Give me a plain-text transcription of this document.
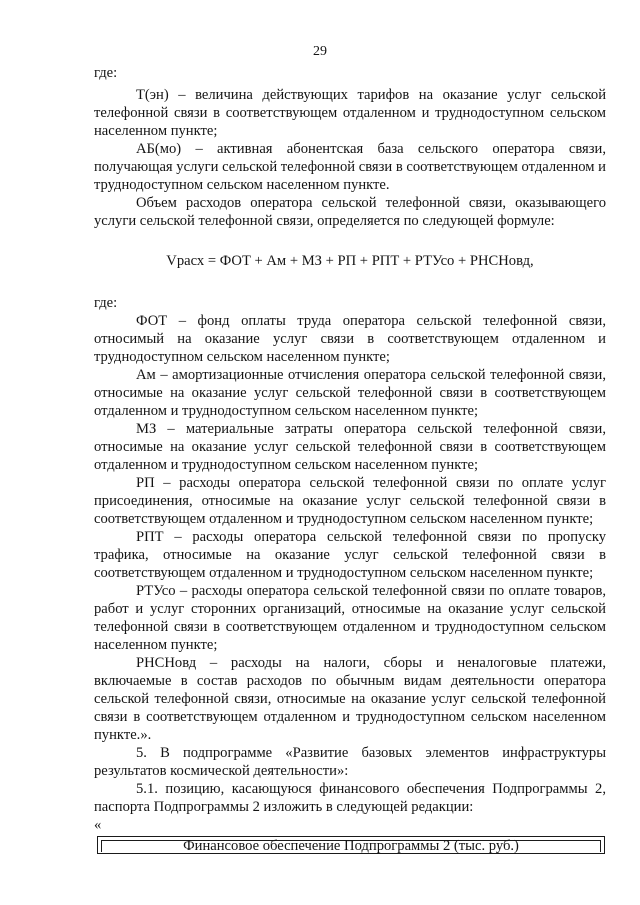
29

где:

Т(эн) – величина действующих тарифов на оказание услуг сельской телефонной связи в соответствующем отдаленном и труднодоступном сельском населенном пункте;

АБ(мо) – активная абонентская база сельского оператора связи, получающая услуги сельской телефонной связи в соответствующем отдаленном и труднодоступном сельском населенном пункте.

Объем расходов оператора сельской телефонной связи, оказывающего услуги сельской телефонной связи, определяется по следующей формуле:

Vрасх = ФОТ + Ам + МЗ + РП + РПТ + РТУсо + РНСНовд,

где:

ФОТ – фонд оплаты труда оператора сельской телефонной связи, относимый на оказание услуг связи в соответствующем отдаленном и труднодоступном сельском населенном пункте;

Ам – амортизационные отчисления оператора сельской телефонной связи, относимые на оказание услуг сельской телефонной связи в соответствующем отдаленном и труднодоступном сельском населенном пункте;

МЗ – материальные затраты оператора сельской телефонной связи, относимые на оказание услуг сельской телефонной связи в соответствующем отдаленном и труднодоступном сельском населенном пункте;

РП – расходы оператора сельской телефонной связи по оплате услуг присоединения, относимые на оказание услуг сельской телефонной связи в соответствующем отдаленном и труднодоступном сельском населенном пункте;

РПТ – расходы оператора сельской телефонной связи по пропуску трафика, относимые на оказание услуг сельской телефонной связи в соответствующем отдаленном и труднодоступном сельском населенном пункте;

РТУсо – расходы оператора сельской телефонной связи по оплате товаров, работ и услуг сторонних организаций, относимые на оказание услуг сельской телефонной связи в соответствующем отдаленном и труднодоступном сельском населенном пункте;

РНСНовд – расходы на налоги, сборы и неналоговые платежи, включаемые в состав расходов по обычным видам деятельности оператора сельской телефонной связи, относимые на оказание услуг сельской телефонной связи в соответствующем отдаленном и труднодоступном сельском населенном пункте.».

5. В подпрограмме «Развитие базовых элементов инфраструктуры результатов космической деятельности»:

5.1. позицию, касающуюся финансового обеспечения Подпрограммы 2, паспорта Подпрограммы 2 изложить в следующей редакции:

«

Финансовое обеспечение Подпрограммы 2 (тыс. руб.)
